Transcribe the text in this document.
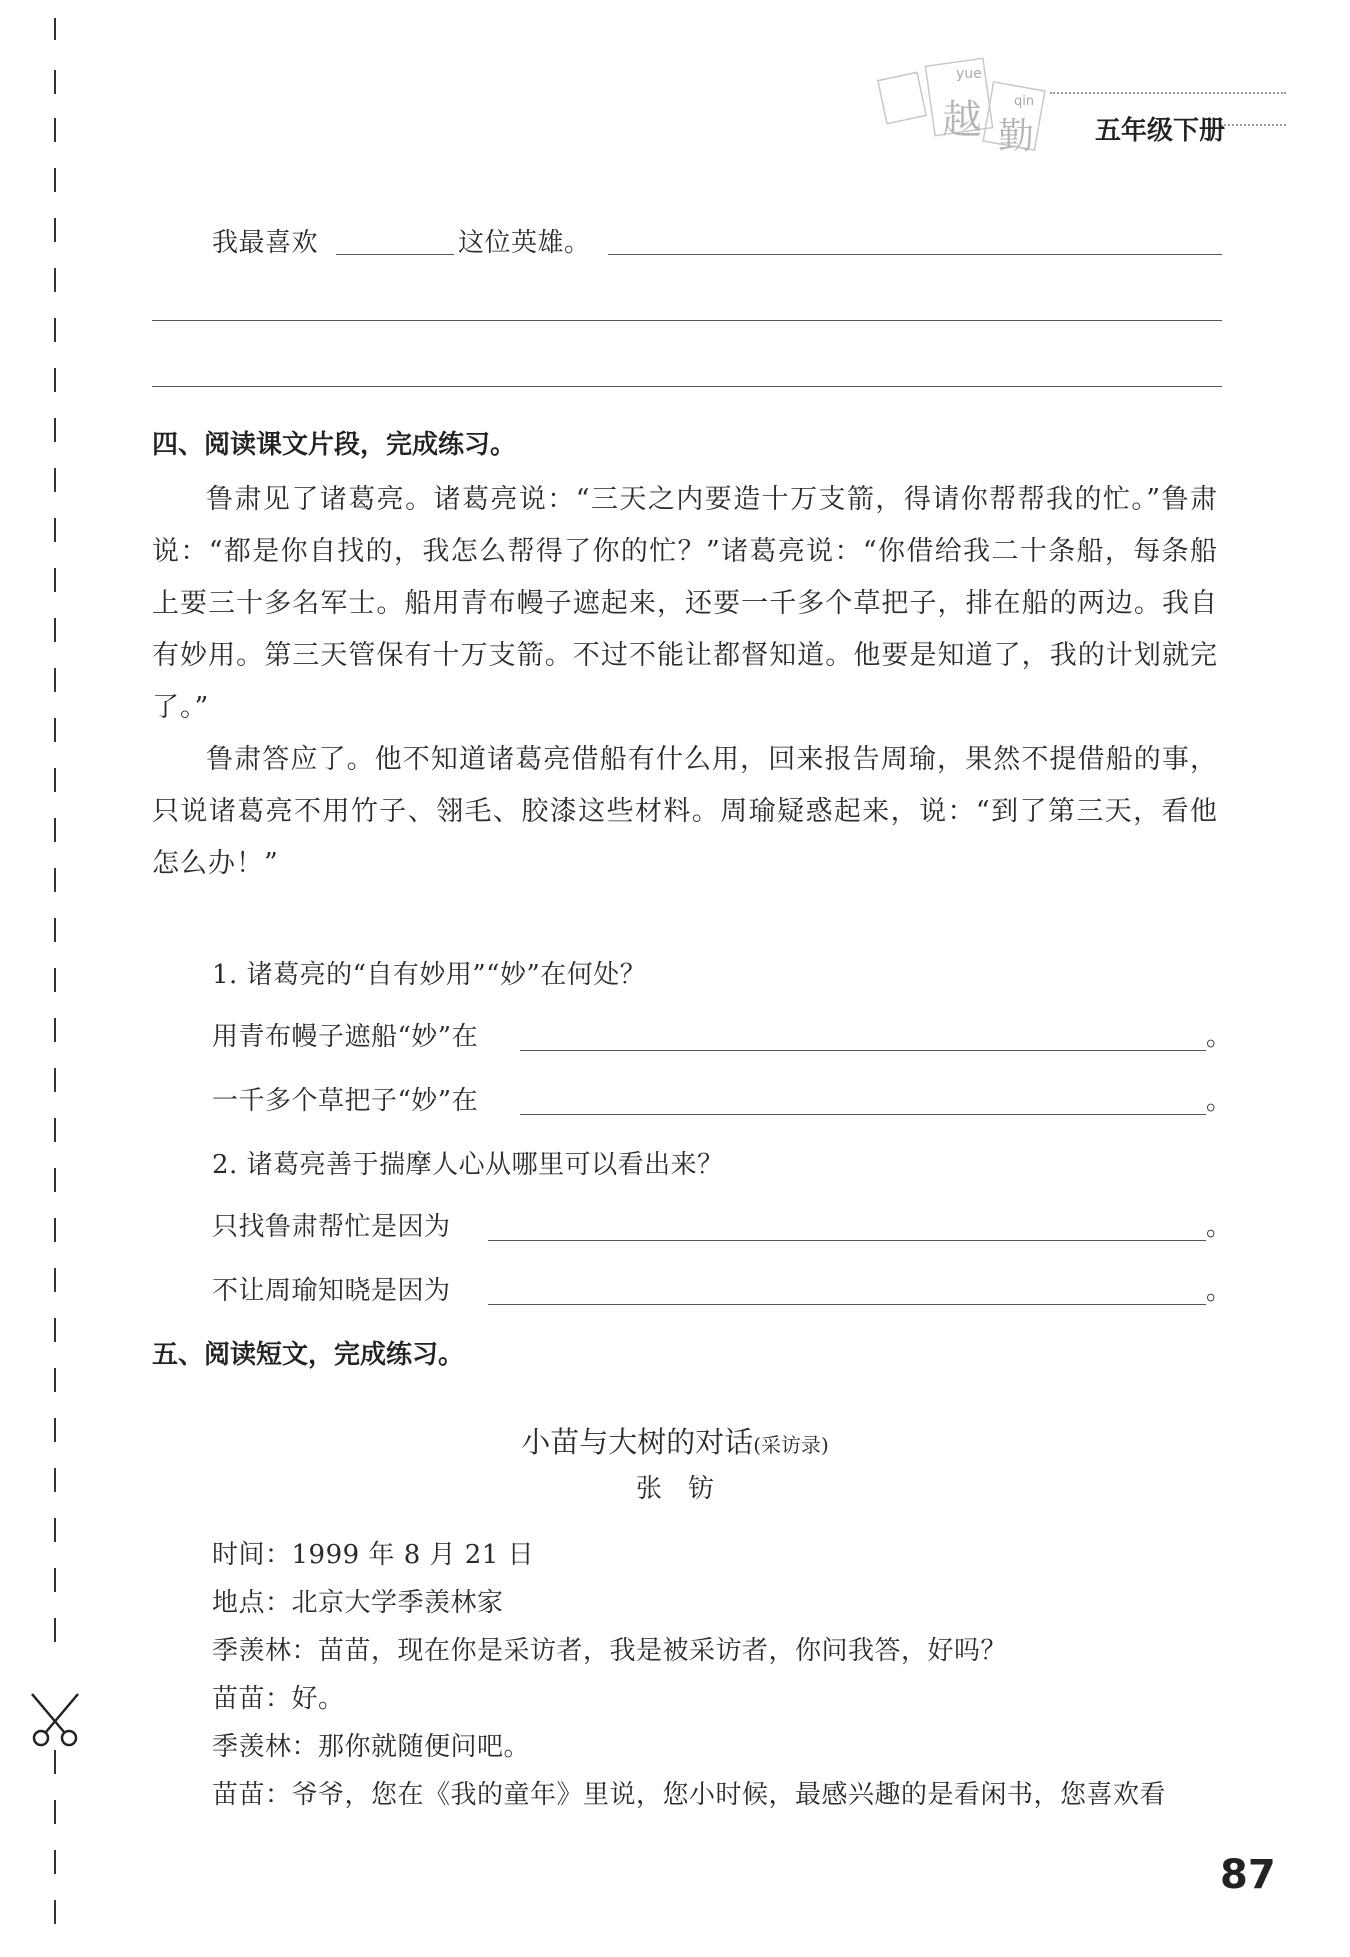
yue
越 qin
勤 五年级下册
我最喜欢	这位英雄。
四、阅读课文片段，完成练习。

鲁肃见了诸葛亮。诸葛亮说：“三天之内要造十万支箭，得请你帮帮我的忙。”鲁肃说：“都是你自找的，我怎么帮得了你的忙？”诸葛亮说：“你借给我二十条船，每条船上要三十多名军士。船用青布幔子遮起来，还要一千多个草把子，排在船的两边。我自有妙用。第三天管保有十万支箭。不过不能让都督知道。他要是知道了，我的计划就完了。”

鲁肃答应了。他不知道诸葛亮借船有什么用，回来报告周瑜，果然不提借船的事，只说诸葛亮不用竹子、翎毛、胶漆这些材料。周瑜疑惑起来，说：“到了第三天，看他怎么办！”

1. 诸葛亮的“自有妙用”“妙”在何处？
用青布幔子遮船“妙”在	。
一千多个草把子“妙”在	。
2. 诸葛亮善于揣摩人心从哪里可以看出来？
只找鲁肃帮忙是因为	。
不让周瑜知晓是因为	。
五、阅读短文，完成练习。
小苗与大树的对话(采访录)
张　钫
时间：1999 年 8 月 21 日
地点：北京大学季羡林家
季羡林：苗苗，现在你是采访者，我是被采访者，你问我答，好吗？
苗苗：好。
季羡林：那你就随便问吧。
苗苗：爷爷，您在《我的童年》里说，您小时候，最感兴趣的是看闲书，您喜欢看
87
